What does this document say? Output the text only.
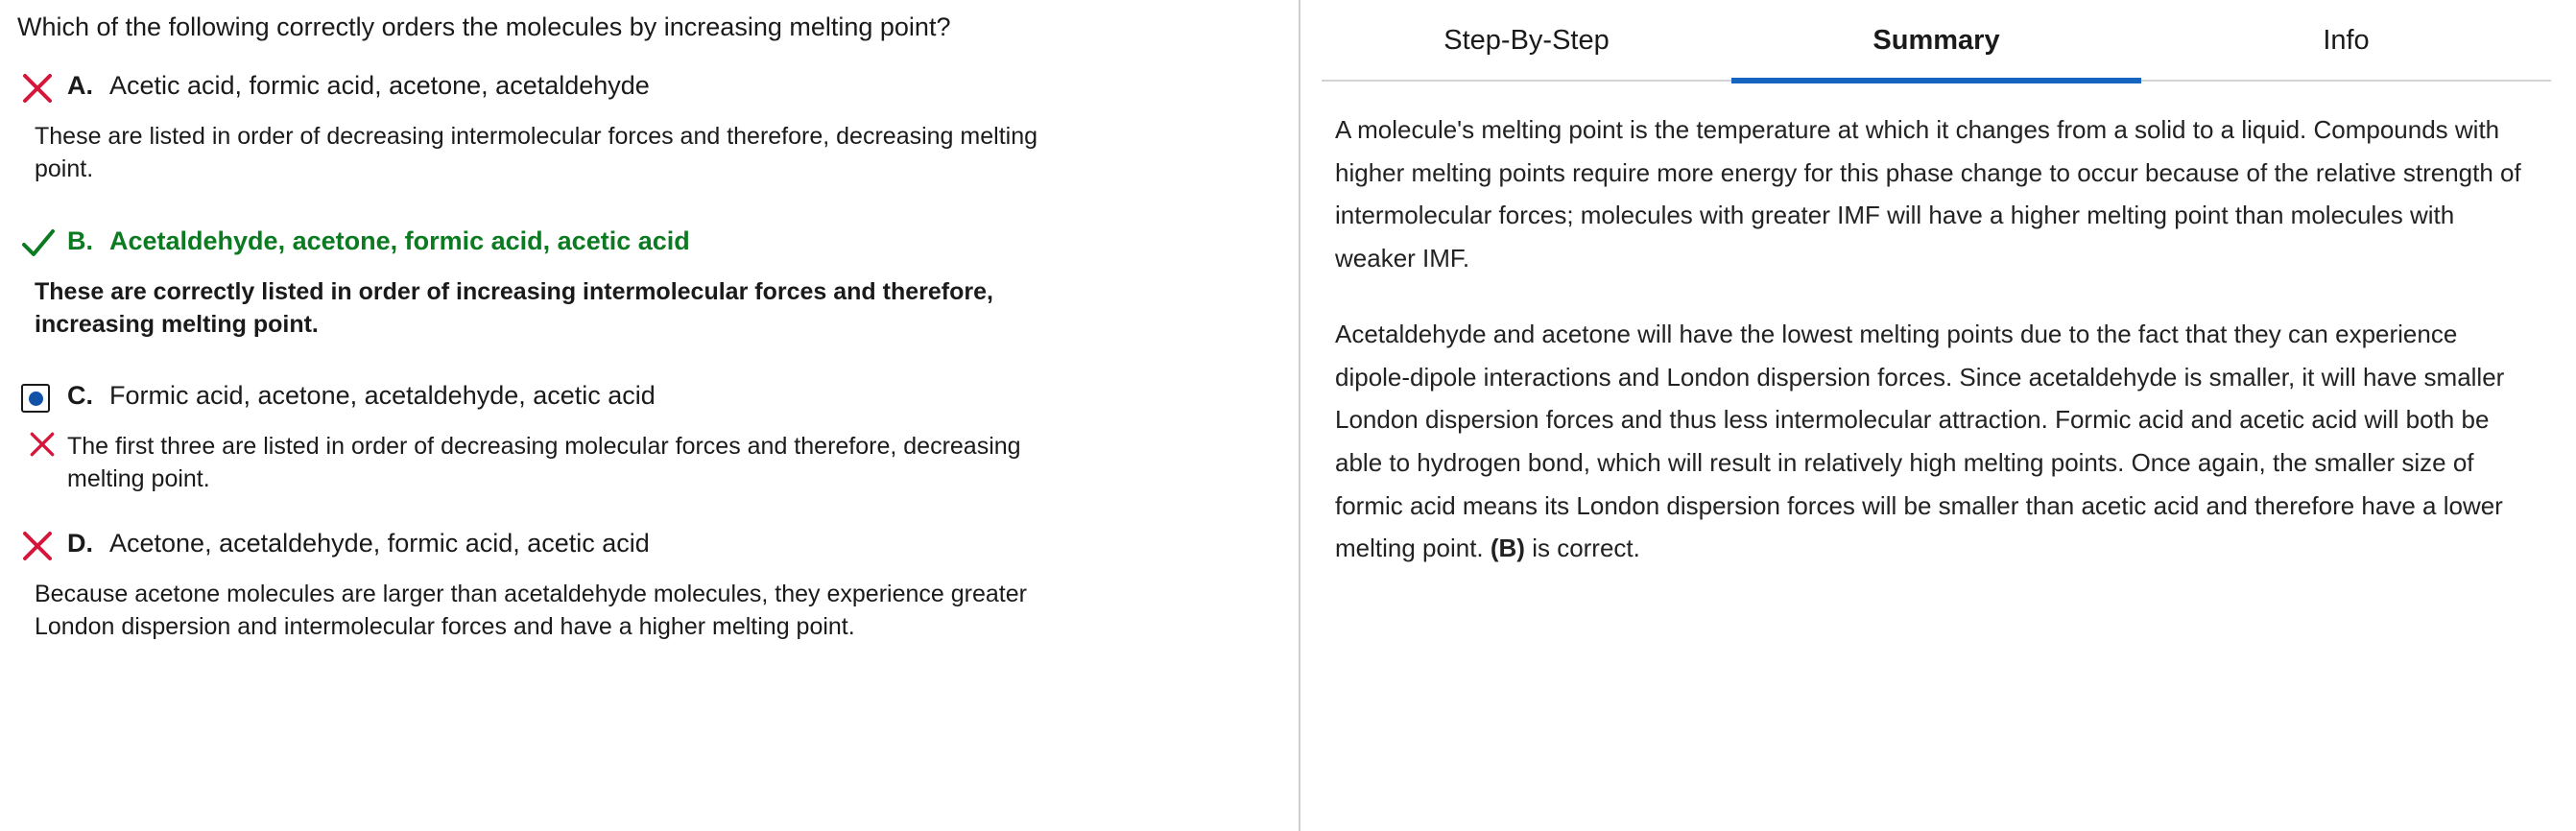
Which of the following correctly orders the molecules by increasing melting point?
A. Acetic acid, formic acid, acetone, acetaldehyde
These are listed in order of decreasing intermolecular forces and therefore, decreasing melting point.
B. Acetaldehyde, acetone, formic acid, acetic acid
These are correctly listed in order of increasing intermolecular forces and therefore, increasing melting point.
C. Formic acid, acetone, acetaldehyde, acetic acid
The first three are listed in order of decreasing molecular forces and therefore, decreasing melting point.
D. Acetone, acetaldehyde, formic acid, acetic acid
Because acetone molecules are larger than acetaldehyde molecules, they experience greater London dispersion and intermolecular forces and have a higher melting point.
Step-By-Step	Summary	Info

A molecule's melting point is the temperature at which it changes from a solid to a liquid. Compounds with higher melting points require more energy for this phase change to occur because of the relative strength of intermolecular forces; molecules with greater IMF will have a higher melting point than molecules with weaker IMF.

Acetaldehyde and acetone will have the lowest melting points due to the fact that they can experience dipole-dipole interactions and London dispersion forces. Since acetaldehyde is smaller, it will have smaller London dispersion forces and thus less intermolecular attraction. Formic acid and acetic acid will both be able to hydrogen bond, which will result in relatively high melting points. Once again, the smaller size of formic acid means its London dispersion forces will be smaller than acetic acid and therefore have a lower melting point. (B) is correct.
